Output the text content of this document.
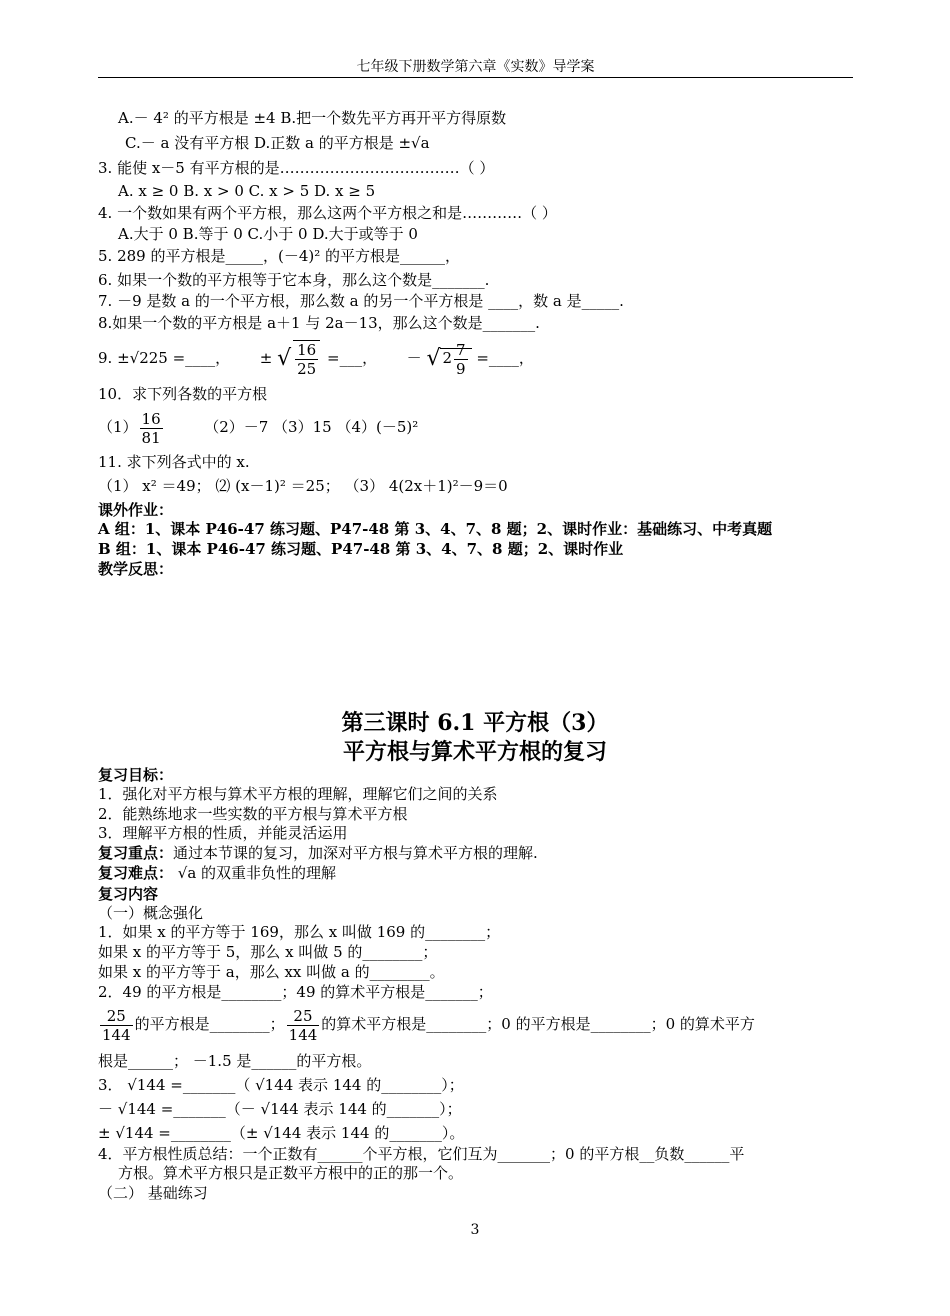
七年级下册数学第六章《实数》导学案
A.－ 4² 的平方根是 ±4 B.把一个数先平方再开平方得原数
C.－ a 没有平方根 D.正数 a 的平方根是 ±√a
3. 能使 x－5 有平方根的是………………………………（ ）
A. x ≥ 0 B. x > 0 C. x > 5 D. x ≥ 5
4. 一个数如果有两个平方根，那么这两个平方根之和是…………（ ）
A.大于 0 B.等于 0 C.小于 0 D.大于或等于 0
5. 289 的平方根是_____，(－4)² 的平方根是______，
6. 如果一个数的平方根等于它本身，那么这个数是_______.
7. －9 是数 a 的一个平方根，那么数 a 的另一个平方根是 ____，数 a 是_____.
8.如果一个数的平方根是 a＋1 与 2a－13，那么这个数是_______.
9. ±√225 =____， ± √ $\frac{16}{25}$ =___， － √ $2 \frac{7}{9}$ =____，
10．求下列各数的平方根
$(1) \frac{16}{81}$	（2）－7 （3）15 （4）(－5)²
11. 求下列各式中的 x.
（1） x² ＝49； ⑵ (x－1)² ＝25； （3） 4(2x＋1)²－9＝0
课外作业：
A 组：1、课本 P46-47 练习题、P47-48 第 3、4、7、8 题；2、课时作业：基础练习、中考真题
B 组：1、课本 P46-47 练习题、P47-48 第 3、4、7、8 题；2、课时作业
教学反思：
第三课时 6.1 平方根（3）
平方根与算术平方根的复习
复习目标：
1．强化对平方根与算术平方根的理解，理解它们之间的关系
2．能熟练地求一些实数的平方根与算术平方根
3．理解平方根的性质，并能灵活运用
复习重点：通过本节课的复习，加深对平方根与算术平方根的理解.
复习难点： √a 的双重非负性的理解
复习内容
（一）概念强化
1．如果 x 的平方等于 169，那么 x 叫做 169 的________；
如果 x 的平方等于 5，那么 x 叫做 5 的________；
如果 x 的平方等于 a，那么 xx 叫做 a 的________。
2．49 的平方根是________；49 的算术平方根是_______；
$\frac{25}{144}$ 的平方根是________； $\frac{25}{144}$ 的算术平方根是________；0 的平方根是________；0 的算术平方
根是______； －1.5 是______的平方根。
3． √144 =_______（ √144 表示 144 的________）；
－ √144 =_______（－ √144 表示 144 的_______）；
± √144 =________（± √144 表示 144 的_______）。
4．平方根性质总结：一个正数有______个平方根，它们互为_______；0 的平方根__负数______平
方根。算术平方根只是正数平方根中的正的那一个。
（二） 基础练习
3
